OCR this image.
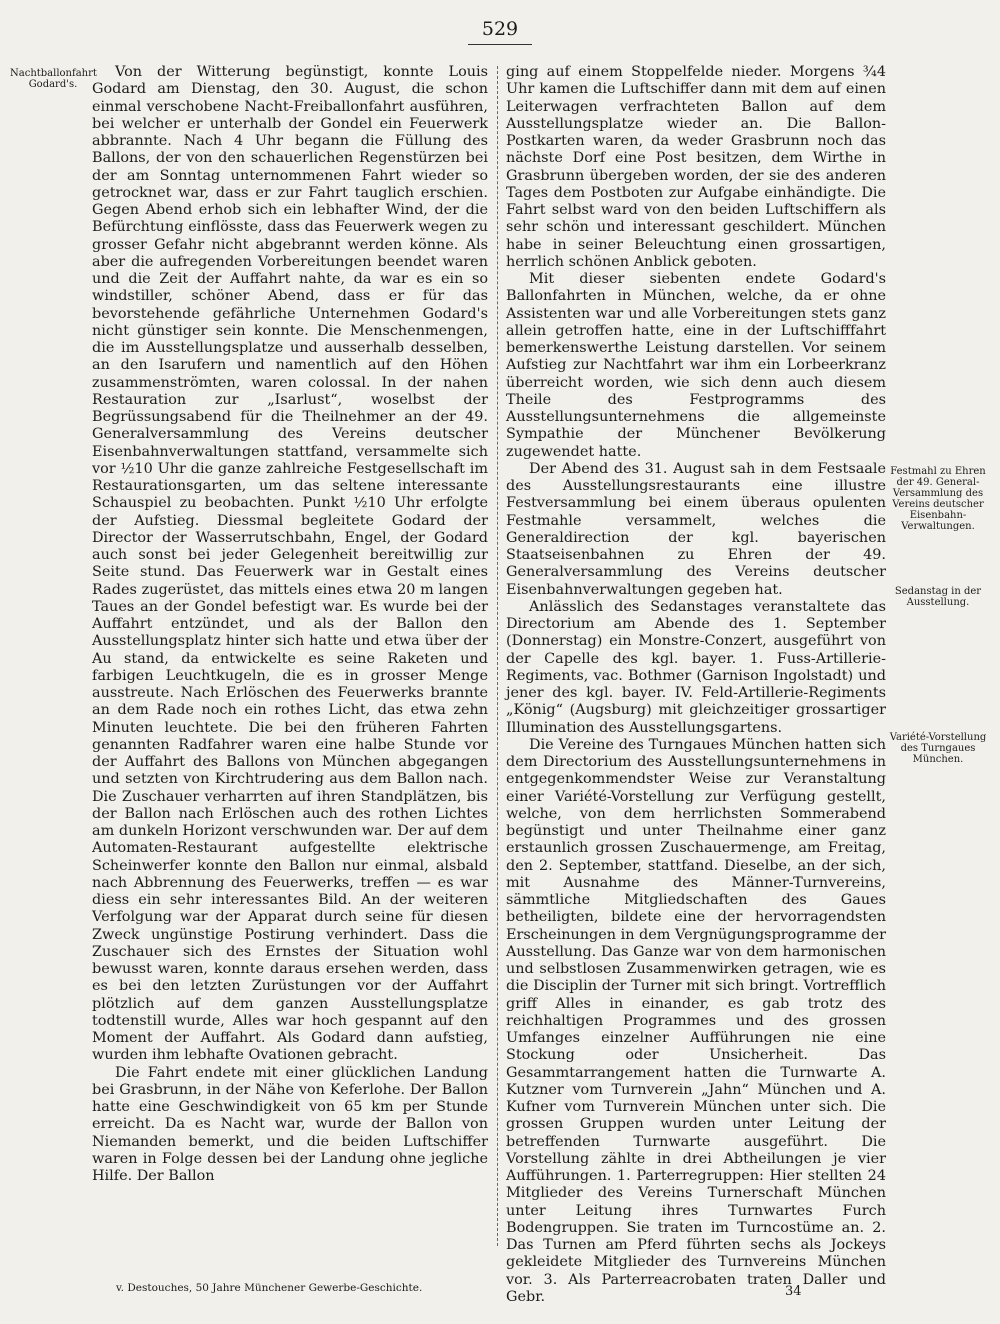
529
Nachtballonfahrt Godard's.

Von der Witterung begünstigt, konnte Louis Godard am Dienstag, den 30. August, die schon einmal verschobene Nacht-Freiballonfahrt ausführen, bei welcher er unterhalb der Gondel ein Feuerwerk abbrannte. Nach 4 Uhr begann die Füllung des Ballons, der von den schauerlichen Regenstürzen bei der am Sonntag unternommenen Fahrt wieder so getrocknet war, dass er zur Fahrt tauglich erschien. Gegen Abend erhob sich ein lebhafter Wind, der die Befürchtung einflösste, dass das Feuerwerk wegen zu grosser Gefahr nicht abgebrannt werden könne. Als aber die aufregenden Vorbereitungen beendet waren und die Zeit der Auffahrt nahte, da war es ein so windstiller, schöner Abend, dass er für das bevorstehende gefährliche Unternehmen Godard's nicht günstiger sein konnte. Die Menschenmengen, die im Ausstellungsplatze und ausserhalb desselben, an den Isarufern und namentlich auf den Höhen zusammenströmten, waren colossal. In der nahen Restauration zur „Isarlust“, woselbst der Begrüssungsabend für die Theilnehmer an der 49. Generalversammlung des Vereins deutscher Eisenbahnverwaltungen stattfand, versammelte sich vor ½10 Uhr die ganze zahlreiche Festgesellschaft im Restaurationsgarten, um das seltene interessante Schauspiel zu beobachten. Punkt ½10 Uhr erfolgte der Aufstieg. Diessmal begleitete Godard der Director der Wasserrutschbahn, Engel, der Godard auch sonst bei jeder Gelegenheit bereitwillig zur Seite stund. Das Feuerwerk war in Gestalt eines Rades zugerüstet, das mittels eines etwa 20 m langen Taues an der Gondel befestigt war. Es wurde bei der Auffahrt entzündet, und als der Ballon den Ausstellungsplatz hinter sich hatte und etwa über der Au stand, da entwickelte es seine Raketen und farbigen Leuchtkugeln, die es in grosser Menge ausstreute. Nach Erlöschen des Feuerwerks brannte an dem Rade noch ein rothes Licht, das etwa zehn Minuten leuchtete. Die bei den früheren Fahrten genannten Radfahrer waren eine halbe Stunde vor der Auffahrt des Ballons von München abgegangen und setzten von Kirchtrudering aus dem Ballon nach. Die Zuschauer verharrten auf ihren Standplätzen, bis der Ballon nach Erlöschen auch des rothen Lichtes am dunkeln Horizont verschwunden war. Der auf dem Automaten-Restaurant aufgestellte elektrische Scheinwerfer konnte den Ballon nur einmal, alsbald nach Abbrennung des Feuerwerks, treffen — es war diess ein sehr interessantes Bild. An der weiteren Verfolgung war der Apparat durch seine für diesen Zweck ungünstige Postirung verhindert. Dass die Zuschauer sich des Ernstes der Situation wohl bewusst waren, konnte daraus ersehen werden, dass es bei den letzten Zurüstungen vor der Auffahrt plötzlich auf dem ganzen Ausstellungsplatze todtenstill wurde, Alles war hoch gespannt auf den Moment der Auffahrt. Als Godard dann aufstieg, wurden ihm lebhafte Ovationen gebracht.

Die Fahrt endete mit einer glücklichen Landung bei Grasbrunn, in der Nähe von Keferlohe. Der Ballon hatte eine Geschwindigkeit von 65 km per Stunde erreicht. Da es Nacht war, wurde der Ballon von Niemanden bemerkt, und die beiden Luftschiffer waren in Folge dessen bei der Landung ohne jegliche Hilfe. Der Ballon

ging auf einem Stoppelfelde nieder. Morgens ¾4 Uhr kamen die Luftschiffer dann mit dem auf einen Leiterwagen verfrachteten Ballon auf dem Ausstellungsplatze wieder an. Die Ballon-Postkarten waren, da weder Grasbrunn noch das nächste Dorf eine Post besitzen, dem Wirthe in Grasbrunn übergeben worden, der sie des anderen Tages dem Postboten zur Aufgabe einhändigte. Die Fahrt selbst ward von den beiden Luftschiffern als sehr schön und interessant geschildert. München habe in seiner Beleuchtung einen grossartigen, herrlich schönen Anblick geboten.

Mit dieser siebenten endete Godard's Ballonfahrten in München, welche, da er ohne Assistenten war und alle Vorbereitungen stets ganz allein getroffen hatte, eine in der Luftschifffahrt bemerkenswerthe Leistung darstellen. Vor seinem Aufstieg zur Nachtfahrt war ihm ein Lorbeerkranz überreicht worden, wie sich denn auch diesem Theile des Festprogramms des Ausstellungsunternehmens die allgemeinste Sympathie der Münchener Bevölkerung zugewendet hatte.

Der Abend des 31. August sah in dem Festsaale des Ausstellungsrestaurants eine illustre Festversammlung bei einem überaus opulenten Festmahle versammelt, welches die Generaldirection der kgl. bayerischen Staatseisenbahnen zu Ehren der 49. Generalversammlung des Vereins deutscher Eisenbahnverwaltungen gegeben hat.

Anlässlich des Sedanstages veranstaltete das Directorium am Abende des 1. September (Donnerstag) ein Monstre-Conzert, ausgeführt von der Capelle des kgl. bayer. 1. Fuss-Artillerie-Regiments, vac. Bothmer (Garnison Ingolstadt) und jener des kgl. bayer. IV. Feld-Artillerie-Regiments „König“ (Augsburg) mit gleichzeitiger grossartiger Illumination des Ausstellungsgartens.

Die Vereine des Turngaues München hatten sich dem Directorium des Ausstellungsunternehmens in entgegenkommendster Weise zur Veranstaltung einer Variété-Vorstellung zur Verfügung gestellt, welche, von dem herrlichsten Sommerabend begünstigt und unter Theilnahme einer ganz erstaunlich grossen Zuschauermenge, am Freitag, den 2. September, stattfand. Dieselbe, an der sich, mit Ausnahme des Männer-Turnvereins, sämmtliche Mitgliedschaften des Gaues betheiligten, bildete eine der hervorragendsten Erscheinungen in dem Vergnügungsprogramme der Ausstellung. Das Ganze war von dem harmonischen und selbstlosen Zusammenwirken getragen, wie es die Disciplin der Turner mit sich bringt. Vortrefflich griff Alles in einander, es gab trotz des reichhaltigen Programmes und des grossen Umfanges einzelner Aufführungen nie eine Stockung oder Unsicherheit. Das Gesammtarrangement hatten die Turnwarte A. Kutzner vom Turnverein „Jahn“ München und A. Kufner vom Turnverein München unter sich. Die grossen Gruppen wurden unter Leitung der betreffenden Turnwarte ausgeführt. Die Vorstellung zählte in drei Abtheilungen je vier Aufführungen. 1. Parterregruppen: Hier stellten 24 Mitglieder des Vereins Turnerschaft München unter Leitung ihres Turnwartes Furch Bodengruppen. Sie traten im Turncostüme an. 2. Das Turnen am Pferd führten sechs als Jockeys gekleidete Mitglieder des Turnvereins München vor. 3. Als Parterreacrobaten traten Daller und Gebr.

Festmahl zu Ehren der 49. General-Versammlung des Vereins deutscher Eisenbahn-Verwaltungen.
Sedanstag in der Ausstellung.
Variété-Vorstellung des Turngaues München.
v. Destouches, 50 Jahre Münchener Gewerbe-Geschichte.	34
